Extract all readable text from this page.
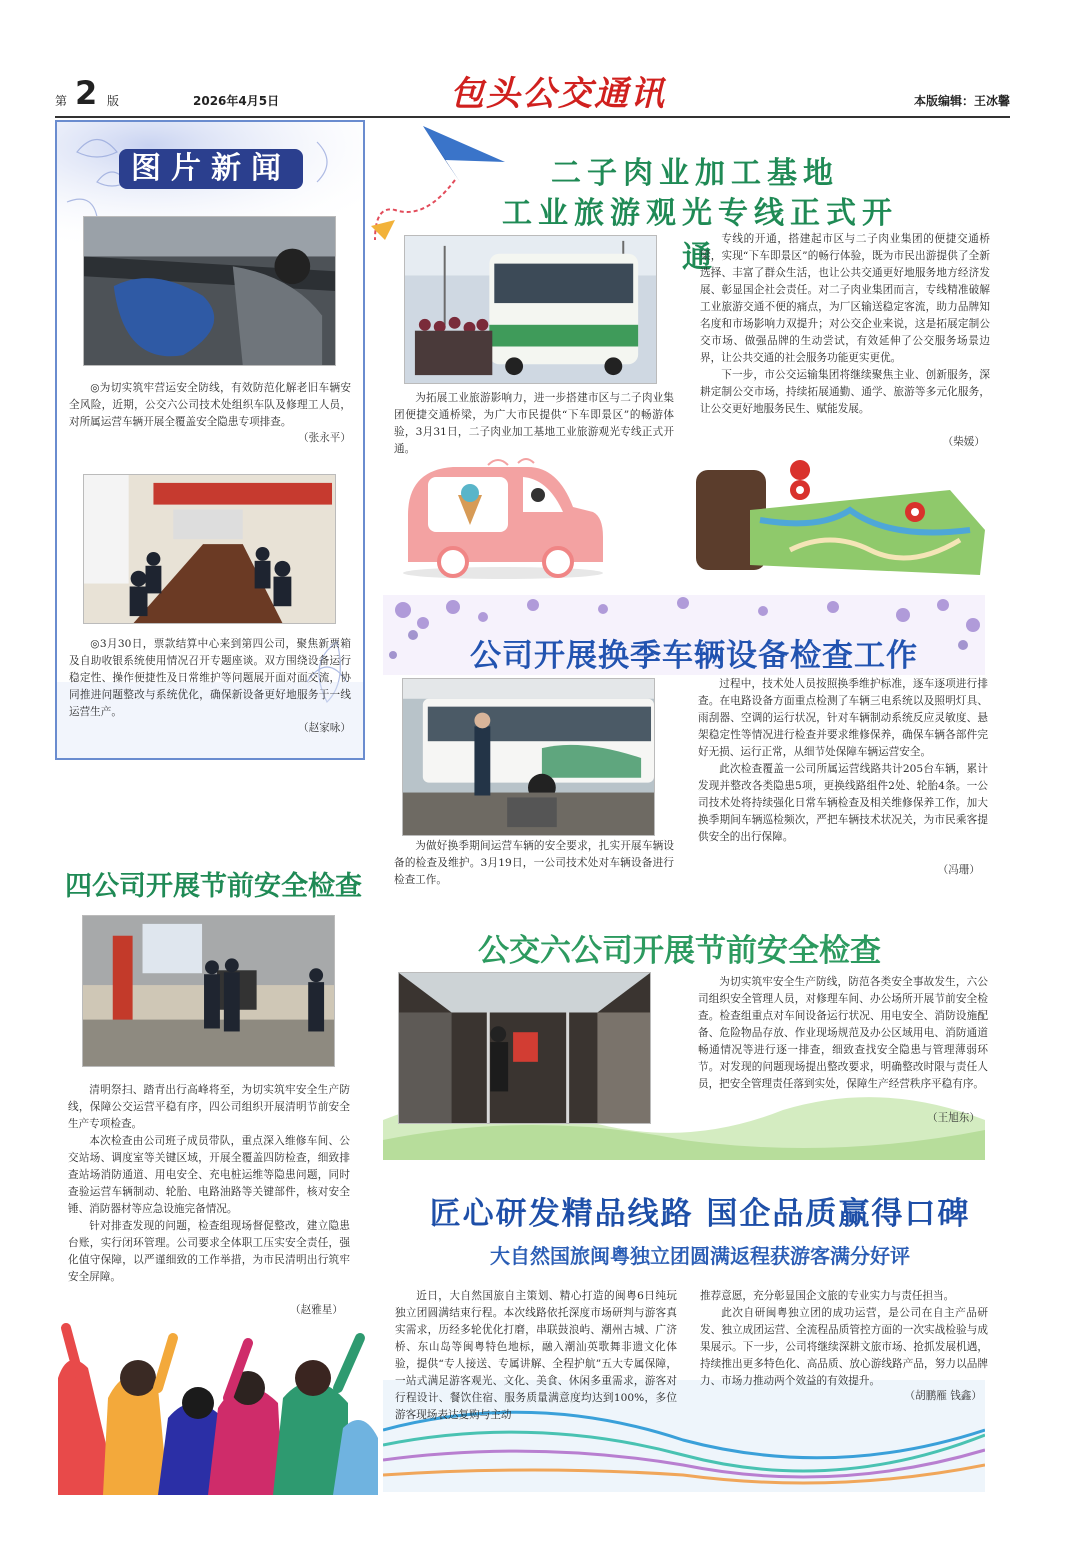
第 2 版	2026年4月5日	包头公交通讯	本版编辑：王冰馨
图片新闻

◎为切实筑牢营运安全防线，有效防范化解老旧车辆安全风险，近期，公交六公司技术处组织车队及修理工人员，对所属运营车辆开展全覆盖安全隐患专项排查。

（张永平）

◎3月30日，票款结算中心来到第四公司，聚焦新票箱及自助收银系统使用情况召开专题座谈。双方围绕设备运行稳定性、操作便捷性及日常维护等问题展开面对面交流，协同推进问题整改与系统优化，确保新设备更好地服务于一线运营生产。

（赵家咏）
二子肉业加工基地
工业旅游观光专线正式开通

为拓展工业旅游影响力，进一步搭建市区与二子肉业集团便捷交通桥梁，为广大市民提供“下车即景区”的畅游体验，3月31日，二子肉业加工基地工业旅游观光专线正式开通。

专线的开通，搭建起市区与二子肉业集团的便捷交通桥梁，实现“下车即景区”的畅行体验，既为市民出游提供了全新选择、丰富了群众生活，也让公共交通更好地服务地方经济发展、彰显国企社会责任。对二子肉业集团而言，专线精准破解工业旅游交通不便的痛点，为厂区输送稳定客流，助力品牌知名度和市场影响力双提升；对公交企业来说，这是拓展定制公交市场、做强品牌的生动尝试，有效延伸了公交服务场景边界，让公共交通的社会服务功能更实更优。

下一步，市公交运输集团将继续聚焦主业、创新服务，深耕定制公交市场，持续拓展通勤、通学、旅游等多元化服务，让公交更好地服务民生、赋能发展。

（柴媛）
公司开展换季车辆设备检查工作

为做好换季期间运营车辆的安全要求，扎实开展车辆设备的检查及维护。3月19日，一公司技术处对车辆设备进行检查工作。

过程中，技术处人员按照换季维护标准，逐车逐项进行排查。在电路设备方面重点检测了车辆三电系统以及照明灯具、雨刮器、空调的运行状况，针对车辆制动系统反应灵敏度、悬架稳定性等情况进行检查并要求维修保养，确保车辆各部件完好无损、运行正常，从细节处保障车辆运营安全。

此次检查覆盖一公司所属运营线路共计205台车辆，累计发现并整改各类隐患5项，更换线路组件2处、轮胎4条。一公司技术处将持续强化日常车辆检查及相关维修保养工作，加大换季期间车辆巡检频次，严把车辆技术状况关，为市民乘客提供安全的出行保障。

（冯珊）
四公司开展节前安全检查

清明祭扫、踏青出行高峰将至，为切实筑牢安全生产防线，保障公交运营平稳有序，四公司组织开展清明节前安全生产专项检查。

本次检查由公司班子成员带队，重点深入维修车间、公交站场、调度室等关键区域，开展全覆盖四防检查，细致排查站场消防通道、用电安全、充电桩运维等隐患问题，同时查验运营车辆制动、轮胎、电路油路等关键部件，核对安全锤、消防器材等应急设施完备情况。

针对排查发现的问题，检查组现场督促整改，建立隐患台账，实行闭环管理。公司要求全体职工压实安全责任，强化值守保障，以严谨细致的工作举措，为市民清明出行筑牢安全屏障。

（赵雅星）
公交六公司开展节前安全检查

为切实筑牢安全生产防线，防范各类安全事故发生，六公司组织安全管理人员，对修理车间、办公场所开展节前安全检查。检查组重点对车间设备运行状况、用电安全、消防设施配备、危险物品存放、作业现场规范及办公区域用电、消防通道畅通情况等进行逐一排查，细致查找安全隐患与管理薄弱环节。对发现的问题现场提出整改要求，明确整改时限与责任人员，把安全管理责任落到实处，保障生产经营秩序平稳有序。

（王旭东）
匠心研发精品线路 国企品质赢得口碑
大自然国旅闽粤独立团圆满返程获游客满分好评

近日，大自然国旅自主策划、精心打造的闽粤6日纯玩独立团圆满结束行程。本次线路依托深度市场研判与游客真实需求，历经多轮优化打磨，串联鼓浪屿、潮州古城、广济桥、东山岛等闽粤特色地标，融入潮汕英歌舞非遗文化体验，提供“专人接送、专属讲解、全程护航”五大专属保障，一站式满足游客观光、文化、美食、休闲多重需求，游客对行程设计、餐饮住宿、服务质量满意度均达到100%，多位游客现场表达复购与主动

推荐意愿，充分彰显国企文旅的专业实力与责任担当。

此次自研闽粤独立团的成功运营，是公司在自主产品研发、独立成团运营、全流程品质管控方面的一次实战检验与成果展示。下一步，公司将继续深耕文旅市场、抢抓发展机遇，持续推出更多特色化、高品质、放心游线路产品，努力以品牌力、市场力推动两个效益的有效提升。

（胡鹏雁 钱鑫）
